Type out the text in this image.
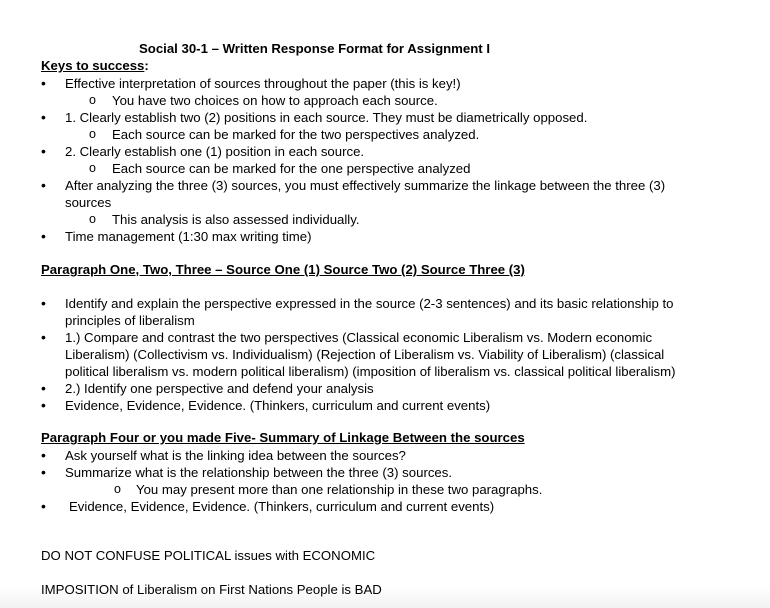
Social 30-1 – Written Response Format for Assignment I
Keys to success:
• Effective interpretation of sources throughout the paper (this is key!)
o You have two choices on how to approach each source.
• 1. Clearly establish two (2) positions in each source. They must be diametrically opposed.
o Each source can be marked for the two perspectives analyzed.
• 2. Clearly establish one (1) position in each source.
o Each source can be marked for the one perspective analyzed
• After analyzing the three (3) sources, you must effectively summarize the linkage between the three (3)
sources
o This analysis is also assessed individually.
• Time management (1:30 max writing time)
Paragraph One, Two, Three – Source One (1) Source Two (2) Source Three (3)
• Identify and explain the perspective expressed in the source (2-3 sentences) and its basic relationship to
principles of liberalism
• 1.) Compare and contrast the two perspectives (Classical economic Liberalism vs. Modern economic
Liberalism) (Collectivism vs. Individualism) (Rejection of Liberalism vs. Viability of Liberalism) (classical
political liberalism vs. modern political liberalism) (imposition of liberalism vs. classical political liberalism)
• 2.) Identify one perspective and defend your analysis
• Evidence, Evidence, Evidence. (Thinkers, curriculum and current events)
Paragraph Four or you made Five- Summary of Linkage Between the sources
• Ask yourself what is the linking idea between the sources?
• Summarize what is the relationship between the three (3) sources.
o You may present more than one relationship in these two paragraphs.
• Evidence, Evidence, Evidence. (Thinkers, curriculum and current events)
DO NOT CONFUSE POLITICAL issues with ECONOMIC
IMPOSITION of Liberalism on First Nations People is BAD
